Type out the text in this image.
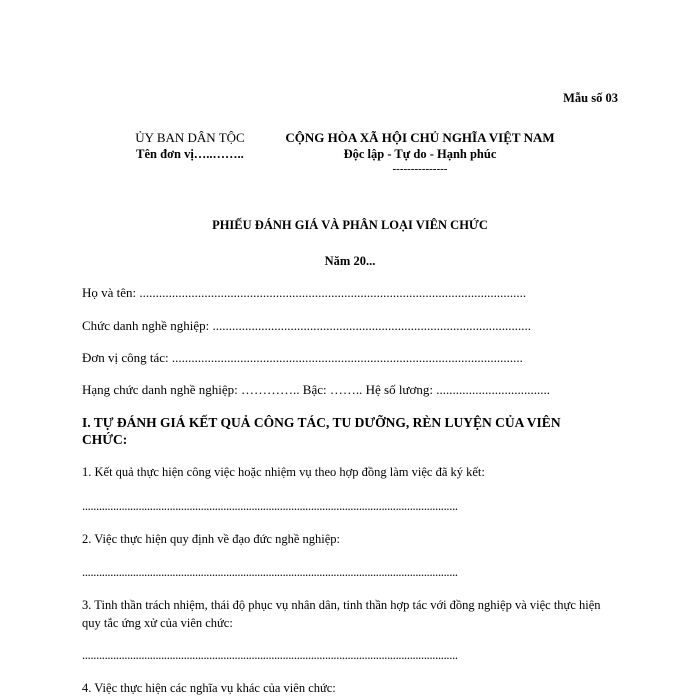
Mẫu số 03
ỦY BAN DÂN TỘC
Tên đơn vị…..……..
CỘNG HÒA XÃ HỘI CHỦ NGHĨA VIỆT NAM
Độc lập - Tự do - Hạnh phúc
---------------
PHIẾU ĐÁNH GIÁ VÀ PHÂN LOẠI VIÊN CHỨC
Năm 20...
Họ và tên: .......................................................................................................................
Chức danh nghề nghiệp: ..................................................................................................
Đơn vị công tác: ............................................................................................................
Hạng chức danh nghề nghiệp: ………….. Bậc: …….. Hệ số lương: ...................................
I. TỰ ĐÁNH GIÁ KẾT QUẢ CÔNG TÁC, TU DƯỠNG, RÈN LUYỆN CỦA VIÊN CHỨC:
1. Kết quả thực hiện công việc hoặc nhiệm vụ theo hợp đồng làm việc đã ký kết:
.....................................................................................................................................
2. Việc thực hiện quy định về đạo đức nghề nghiệp:
.....................................................................................................................................
3. Tinh thần trách nhiệm, thái độ phục vụ nhân dân, tinh thần hợp tác với đồng nghiệp và việc thực hiện quy tắc ứng xử của viên chức:
.....................................................................................................................................
4. Việc thực hiện các nghĩa vụ khác của viên chức:
